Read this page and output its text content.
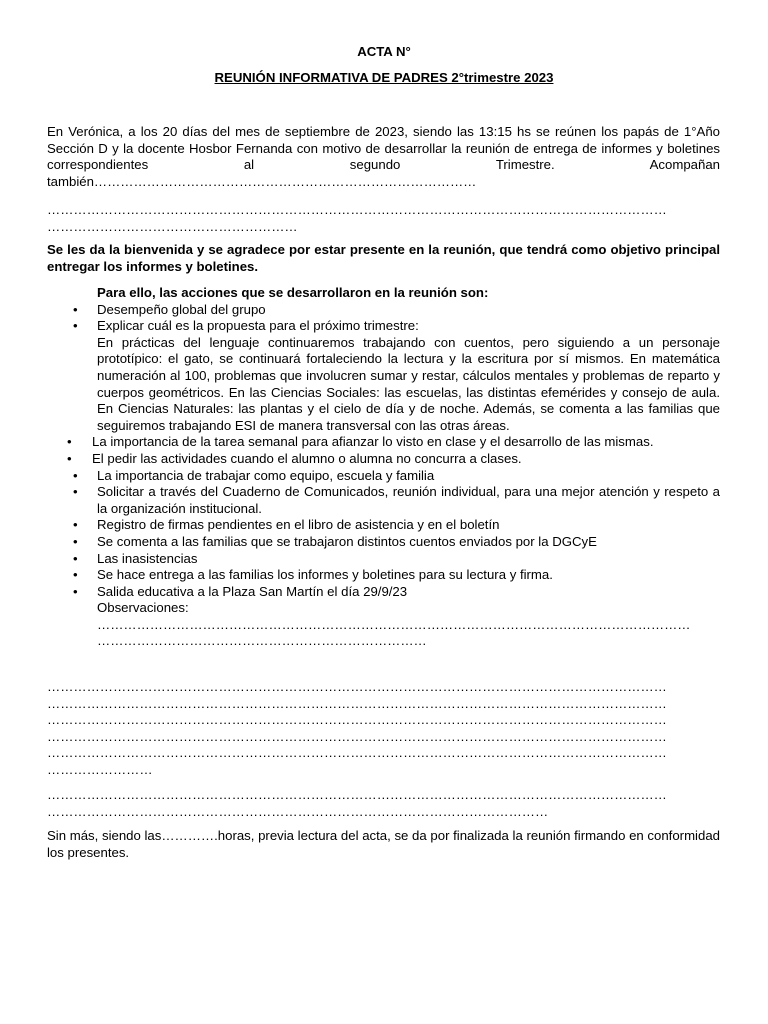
ACTA N°

REUNIÓN INFORMATIVA DE PADRES 2°trimestre 2023

En Verónica, a los 20 días del mes de septiembre de 2023, siendo las 13:15 hs se reúnen los papás de 1°Año Sección D y la docente Hosbor Fernanda con motivo de desarrollar la reunión de entrega de informes y boletines correspondientes al segundo Trimestre. Acompañan también……………………………………………………………………………

……………………………………………………………………………………………………………………………
…………………………………………………

Se les da la bienvenida y se agradece por estar presente en la reunión, que tendrá como objetivo principal entregar los informes y boletines.

Para ello, las acciones que se desarrollaron en la reunión son:
• Desempeño global del grupo
• Explicar cuál es la propuesta para el próximo trimestre:
En prácticas del lenguaje continuaremos trabajando con cuentos, pero siguiendo a un personaje prototípico: el gato, se continuará fortaleciendo la lectura y la escritura por sí mismos. En matemática numeración al 100, problemas que involucren sumar y restar, cálculos mentales y problemas de reparto y cuerpos geométricos. En las Ciencias Sociales: las escuelas, las distintas efemérides y consejo de aula. En Ciencias Naturales: las plantas y el cielo de día y de noche. Además, se comenta a las familias que seguiremos trabajando ESI de manera transversal con las otras áreas.
• La importancia de la tarea semanal para afianzar lo visto en clase y el desarrollo de las mismas.
• El pedir las actividades cuando el alumno o alumna no concurra a clases.
• La importancia de trabajar como equipo, escuela y familia
• Solicitar a través del Cuaderno de Comunicados, reunión individual, para una mejor atención y respeto a la organización institucional.
• Registro de firmas pendientes en el libro de asistencia y en el boletín
• Se comenta a las familias que se trabajaron distintos cuentos enviados por la DGCyE
• Las inasistencias
• Se hace entrega a las familias los informes y boletines para su lectura y firma.
• Salida educativa a la Plaza San Martín el día 29/9/23
Observaciones:
………………………………………………………………………………………………………………………
…………………………………………………………………
……………………………………………………………………………………………………………………………
……………………………………………………………………………………………………………………………
……………………………………………………………………………………………………………………………
……………………………………………………………………………………………………………………………
……………………………………………………………………………………………………………………………
……………………
……………………………………………………………………………………………………………………………
……………………………………………………………………………………………………

Sin más, siendo las………….horas, previa lectura del acta, se da por finalizada la reunión firmando en conformidad los presentes.
